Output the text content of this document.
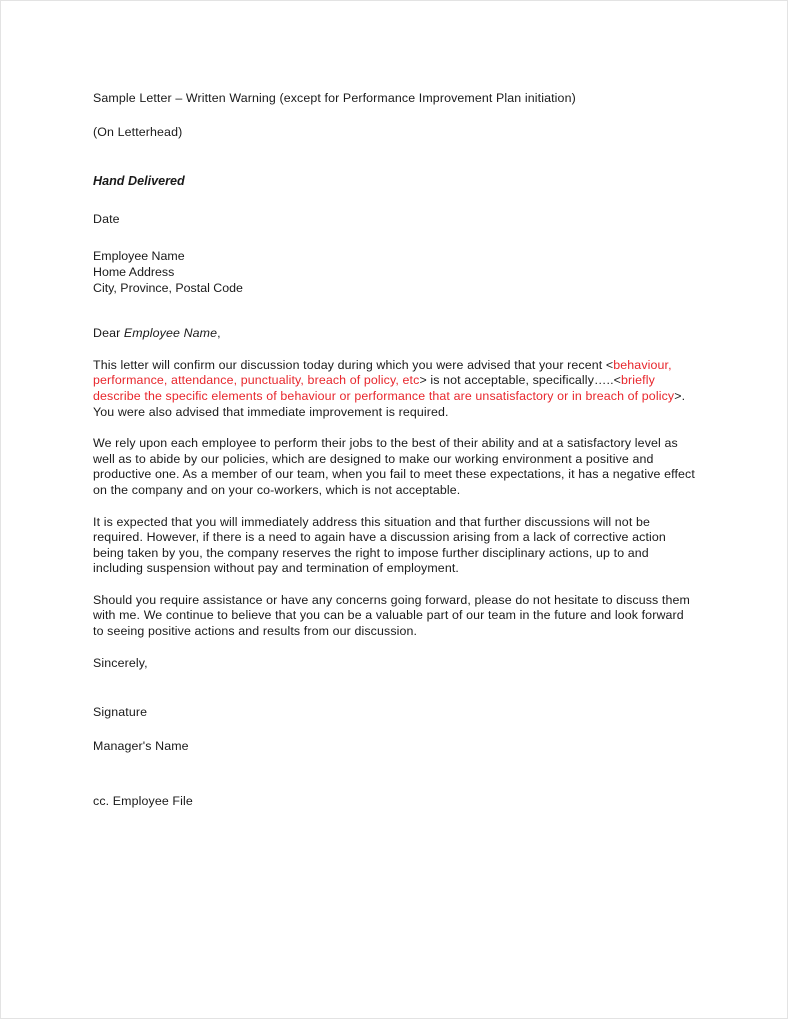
Sample Letter – Written Warning (except for Performance Improvement Plan initiation)
(On Letterhead)
Hand Delivered
Date
Employee Name
Home Address
City, Province, Postal Code
Dear Employee Name,

This letter will confirm our discussion today during which you were advised that your recent <behaviour, performance, attendance, punctuality, breach of policy, etc> is not acceptable, specifically…..<briefly describe the specific elements of behaviour or performance that are unsatisfactory or in breach of policy>. You were also advised that immediate improvement is required.

We rely upon each employee to perform their jobs to the best of their ability and at a satisfactory level as well as to abide by our policies, which are designed to make our working environment a positive and productive one. As a member of our team, when you fail to meet these expectations, it has a negative effect on the company and on your co-workers, which is not acceptable.

It is expected that you will immediately address this situation and that further discussions will not be required. However, if there is a need to again have a discussion arising from a lack of corrective action being taken by you, the company reserves the right to impose further disciplinary actions, up to and including suspension without pay and termination of employment.

Should you require assistance or have any concerns going forward, please do not hesitate to discuss them with me. We continue to believe that you can be a valuable part of our team in the future and look forward to seeing positive actions and results from our discussion.

Sincerely,
Signature
Manager's Name
cc. Employee File
